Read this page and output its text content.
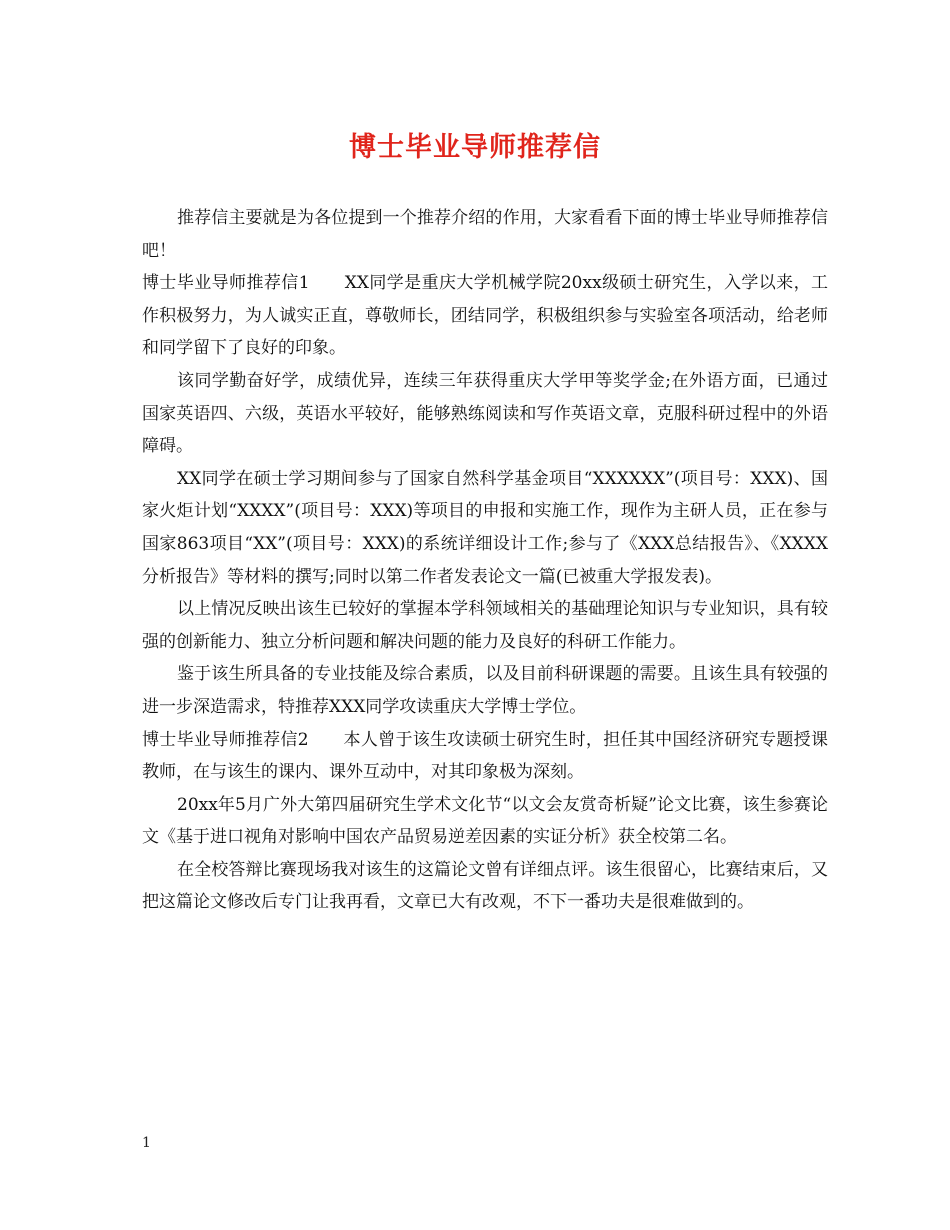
博士毕业导师推荐信

推荐信主要就是为各位提到一个推荐介绍的作用，大家看看下面的博士毕业导师推荐信吧！

博士毕业导师推荐信1　　XX同学是重庆大学机械学院20xx级硕士研究生，入学以来，工作积极努力，为人诚实正直，尊敬师长，团结同学，积极组织参与实验室各项活动，给老师和同学留下了良好的印象。

该同学勤奋好学，成绩优异，连续三年获得重庆大学甲等奖学金;在外语方面，已通过国家英语四、六级，英语水平较好，能够熟练阅读和写作英语文章，克服科研过程中的外语障碍。

XX同学在硕士学习期间参与了国家自然科学基金项目“XXXXXX”(项目号：XXX)、国家火炬计划“XXXX”(项目号：XXX)等项目的申报和实施工作，现作为主研人员，正在参与国家863项目“XX”(项目号：XXX)的系统详细设计工作;参与了《XXX总结报告》、《XXXX分析报告》等材料的撰写;同时以第二作者发表论文一篇(已被重大学报发表)。

以上情况反映出该生已较好的掌握本学科领域相关的基础理论知识与专业知识，具有较强的创新能力、独立分析问题和解决问题的能力及良好的科研工作能力。

鉴于该生所具备的专业技能及综合素质，以及目前科研课题的需要。且该生具有较强的进一步深造需求，特推荐XXX同学攻读重庆大学博士学位。

博士毕业导师推荐信2　　本人曾于该生攻读硕士研究生时，担任其中国经济研究专题授课教师，在与该生的课内、课外互动中，对其印象极为深刻。

20xx年5月广外大第四届研究生学术文化节“以文会友赏奇析疑”论文比赛，该生参赛论文《基于进口视角对影响中国农产品贸易逆差因素的实证分析》获全校第二名。

在全校答辩比赛现场我对该生的这篇论文曾有详细点评。该生很留心，比赛结束后，又把这篇论文修改后专门让我再看，文章已大有改观，不下一番功夫是很难做到的。

1
